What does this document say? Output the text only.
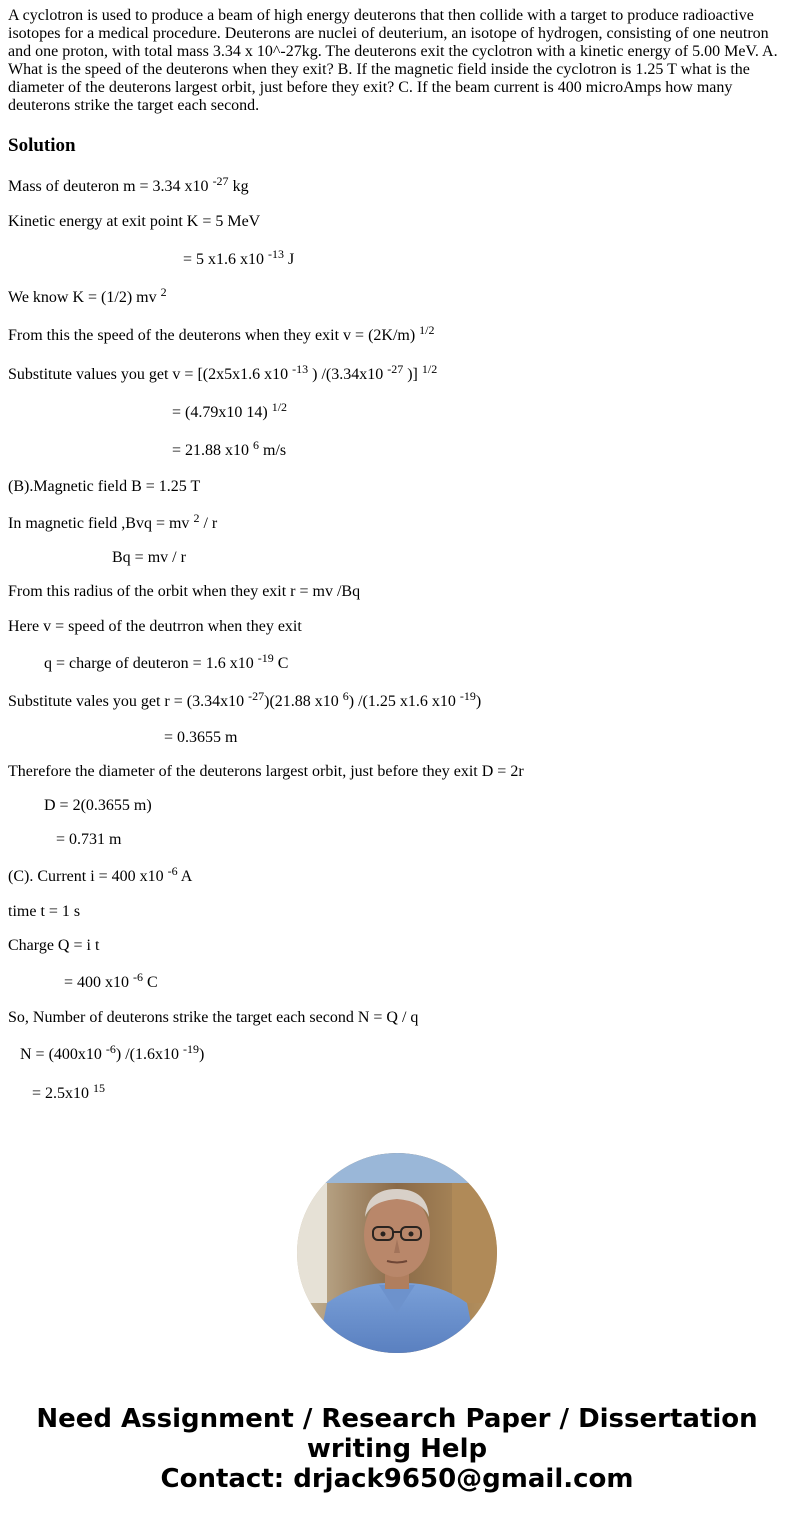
A cyclotron is used to produce a beam of high energy deuterons that then collide with a target to produce radioactive isotopes for a medical procedure. Deuterons are nuclei of deuterium, an isotope of hydrogen, consisting of one neutron and one proton, with total mass 3.34 x 10^-27kg. The deuterons exit the cyclotron with a kinetic energy of 5.00 MeV. A. What is the speed of the deuterons when they exit? B. If the magnetic field inside the cyclotron is 1.25 T what is the diameter of the deuterons largest orbit, just before they exit? C. If the beam current is 400 microAmps how many deuterons strike the target each second.

Solution

Mass of deuteron m = 3.34 x10 $^{-27}$ kg

Kinetic energy at exit point K = 5 MeV

= 5 x1.6 x10 $^{-13}$ J

We know K = (1/2) mv $^2$

From this the speed of the deuterons when they exit v = (2K/m) $^{1/2}$

Substitute values you get v = [(2x5x1.6 x10 $^{-13}$ ) /(3.34x10 $^{-27}$ )] $^{1/2}$

= (4.79x10 14) $^{1/2}$

= 21.88 x10 $^6$ m/s

(B).Magnetic field B = 1.25 T

In magnetic field ,Bvq = mv $^2$ / r

Bq = mv / r

From this radius of the orbit when they exit r = mv /Bq

Here v = speed of the deutrron when they exit

q = charge of deuteron = 1.6 x10 $^{-19}$ C

Substitute vales you get r = (3.34x10 $^{-27}$)(21.88 x10 $^6$) /(1.25 x1.6 x10 $^{-19}$)

= 0.3655 m

Therefore the diameter of the deuterons largest orbit, just before they exit D = 2r

D = 2(0.3655 m)

= 0.731 m

(C). Current i = 400 x10 $^{-6}$ A

time t = 1 s

Charge Q = i t

= 400 x10 $^{-6}$ C

So, Number of deuterons strike the target each second N = Q / q

N = (400x10 $^{-6}$) /(1.6x10 $^{-19}$)

= 2.5x10 $^{15}$

Need Assignment / Research Paper / Dissertation
writing Help
Contact: drjack9650@gmail.com
